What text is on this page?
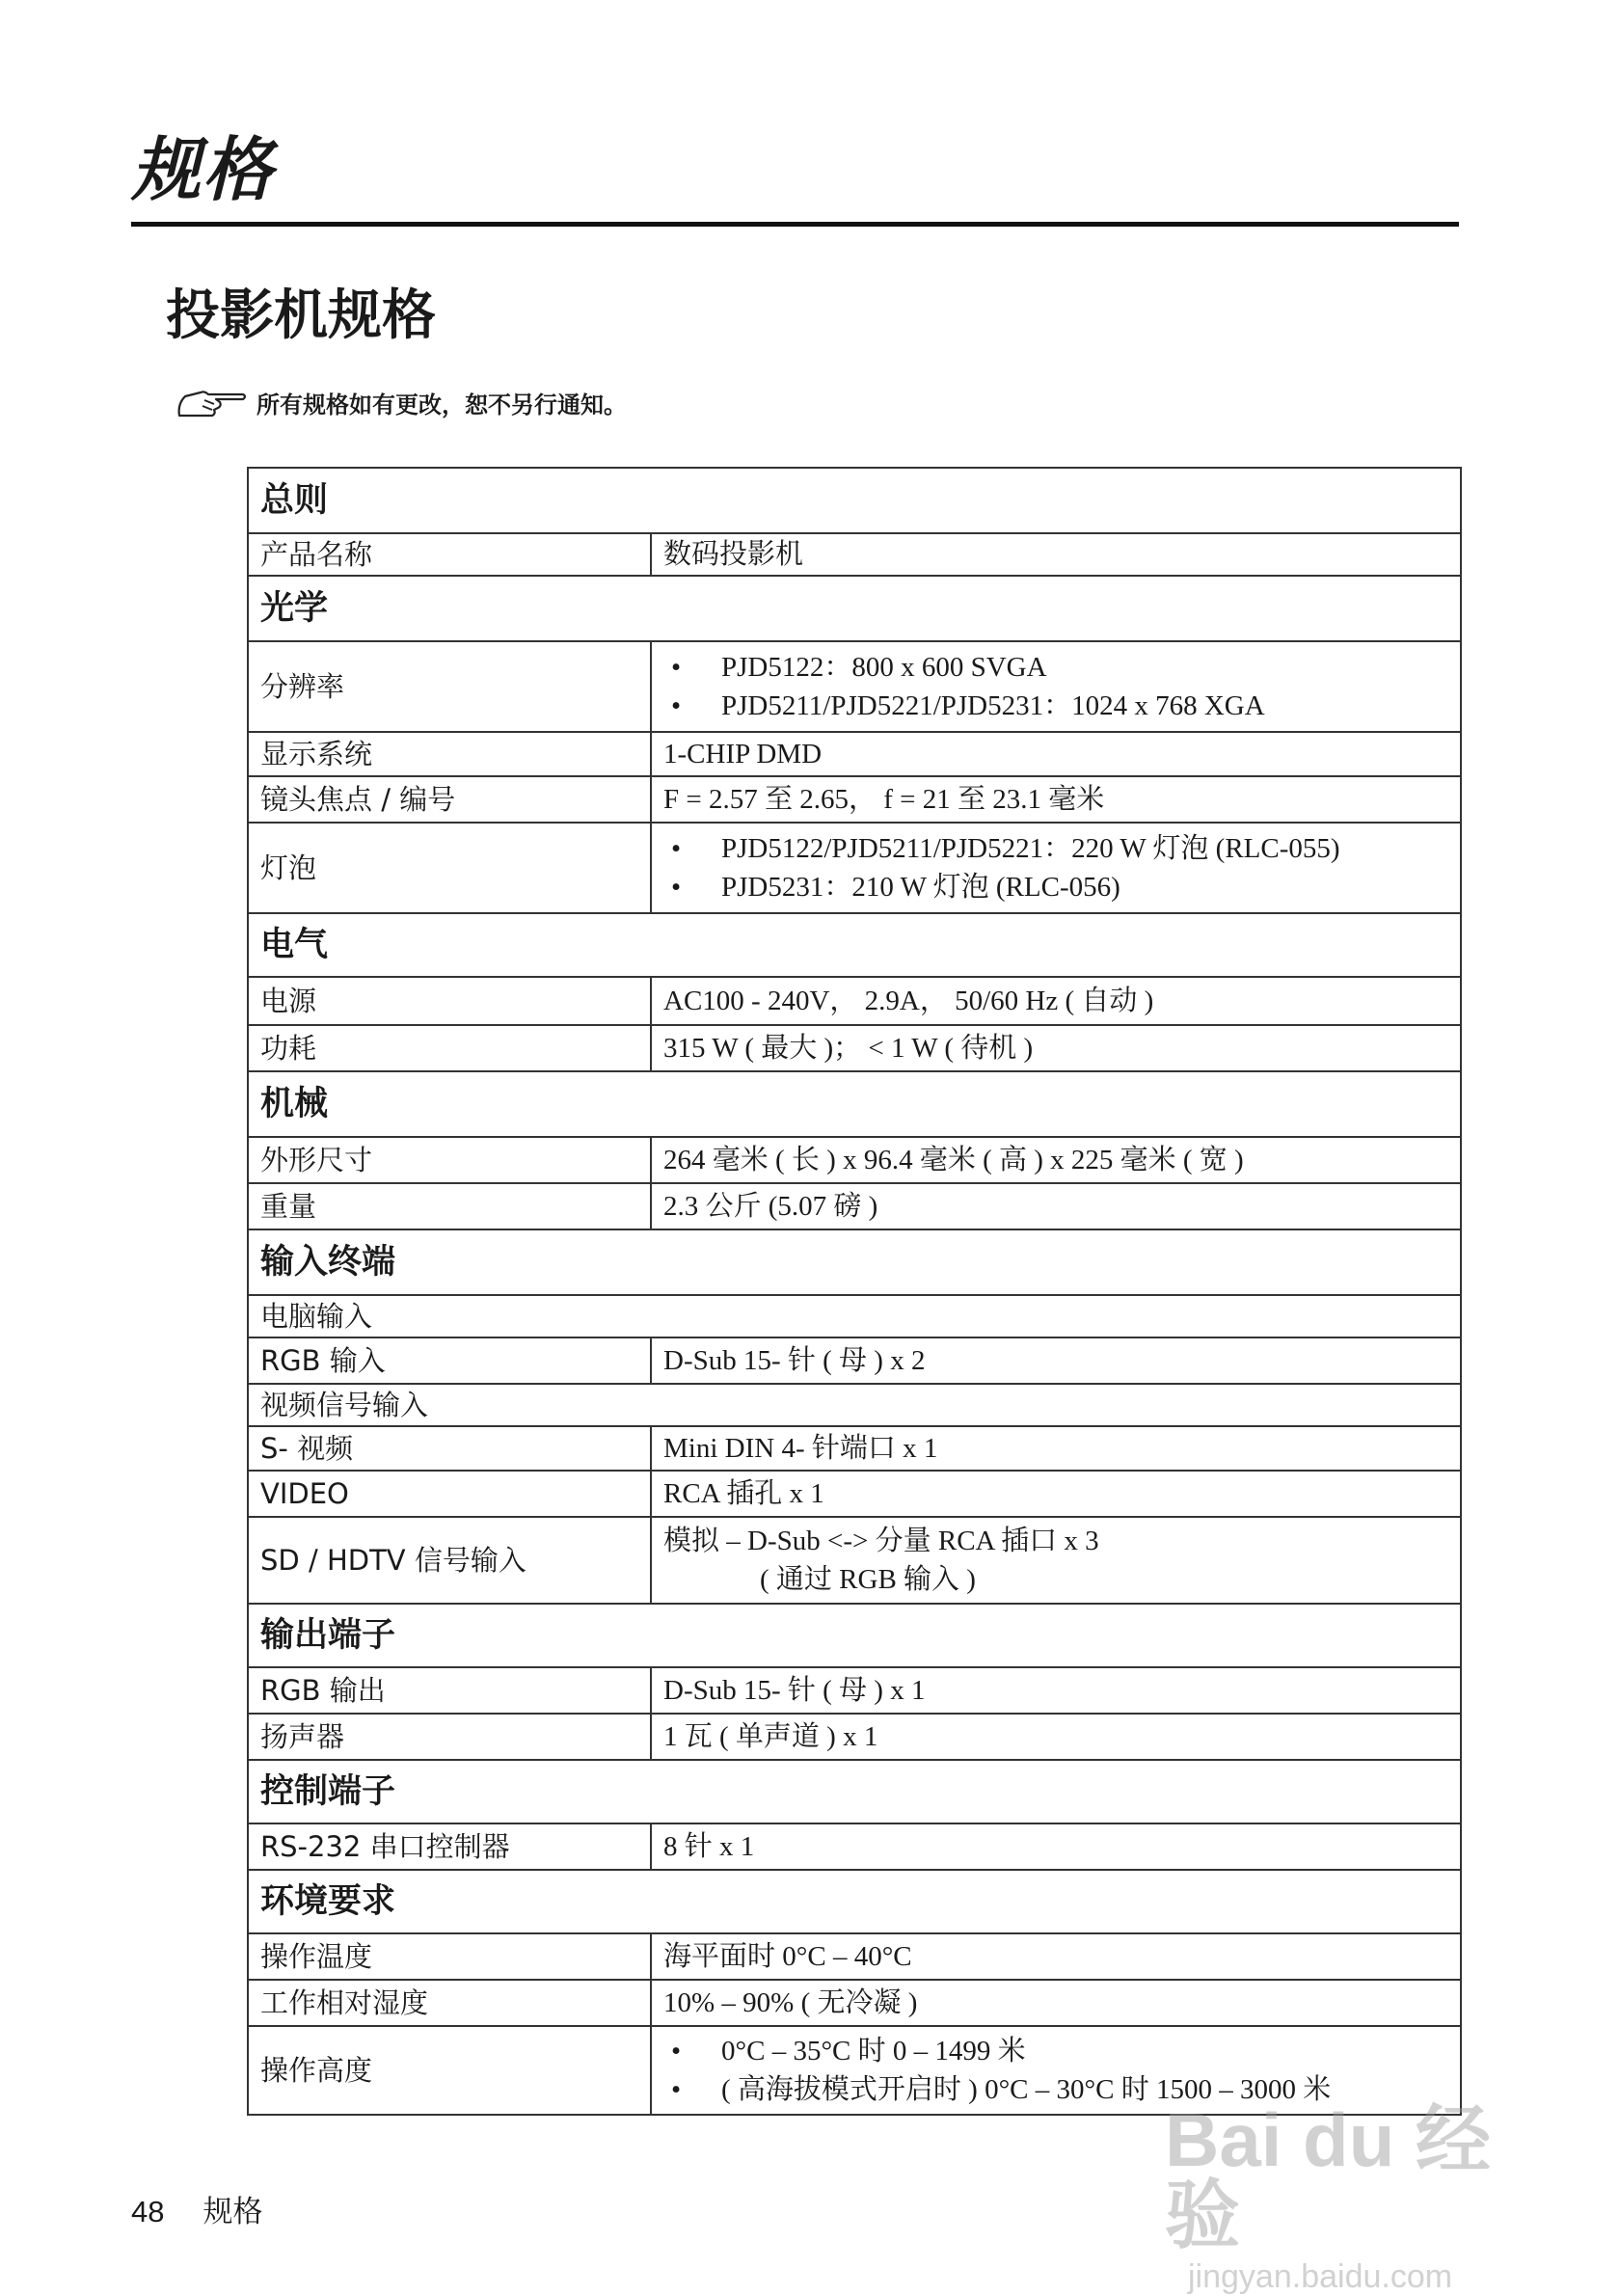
规格
投影机规格
所有规格如有更改，恕不另行通知。
总则	
产品名称	数码投影机
光学	
分辨率	• PJD5122：800 x 600 SVGA
• PJD5211/PJD5221/PJD5231：1024 x 768 XGA

显示系统	1-CHIP DMD
镜头焦点 / 编号	F = 2.57 至 2.65， f = 21 至 23.1 毫米
灯泡	• PJD5122/PJD5211/PJD5221：220 W 灯泡 (RLC-055)
• PJD5231：210 W 灯泡 (RLC-056)

电气	
电源	AC100 - 240V， 2.9A， 50/60 Hz ( 自动 )
功耗	315 W ( 最大 )； < 1 W ( 待机 )
机械	
外形尺寸	264 毫米 ( 长 ) x 96.4 毫米 ( 高 ) x 225 毫米 ( 宽 )
重量	2.3 公斤 (5.07 磅 )
输入终端	
电脑输入	
RGB 输入	D-Sub 15- 针 ( 母 ) x 2
视频信号输入	
S- 视频	Mini DIN 4- 针端口 x 1
VIDEO	RCA 插孔 x 1
SD / HDTV 信号输入	模拟 – D-Sub <-> 分量 RCA 插口 x 3
( 通过 RGB 输入 )

输出端子	
RGB 输出	D-Sub 15- 针 ( 母 ) x 1
扬声器	1 瓦 ( 单声道 ) x 1
控制端子	
RS-232 串口控制器	8 针 x 1
环境要求	
操作温度	海平面时 0°C – 40°C
工作相对湿度	10% – 90% ( 无冷凝 )
操作高度	• 0°C – 35°C 时 0 – 1499 米
• ( 高海拔模式开启时 ) 0°C – 30°C 时 1500 – 3000 米
48 规格
Bai du 经验
jingyan.baidu.com
